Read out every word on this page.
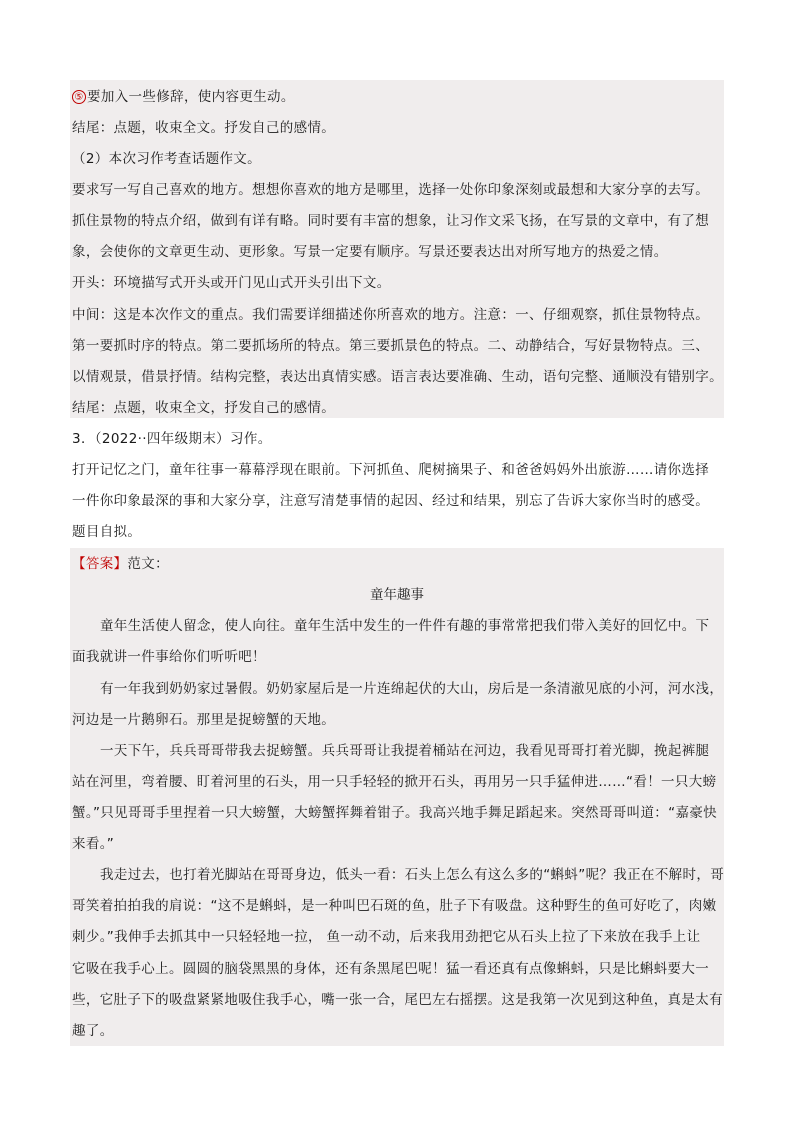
⑤ 要加入一些修辞，使内容更生动。
结尾：点题，收束全文。抒发自己的感情。
（2）本次习作考查话题作文。
要求写一写自己喜欢的地方。想想你喜欢的地方是哪里，选择一处你印象深刻或最想和大家分享的去写。
抓住景物的特点介绍，做到有详有略。同时要有丰富的想象，让习作文采飞扬，在写景的文章中，有了想
象，会使你的文章更生动、更形象。写景一定要有顺序。写景还要表达出对所写地方的热爱之情。
开头：环境描写式开头或开门见山式开头引出下文。
中间：这是本次作文的重点。我们需要详细描述你所喜欢的地方。注意：一、仔细观察，抓住景物特点。
第一要抓时序的特点。第二要抓场所的特点。第三要抓景色的特点。二、动静结合，写好景物特点。三、
以情观景，借景抒情。结构完整，表达出真情实感。语言表达要准确、生动，语句完整、通顺没有错别字。
结尾：点题，收束全文，抒发自己的感情。
3．（2022··四年级期末）习作。
打开记忆之门，童年往事一幕幕浮现在眼前。下河抓鱼、爬树摘果子、和爸爸妈妈外出旅游……请你选择
一件你印象最深的事和大家分享，注意写清楚事情的起因、经过和结果，别忘了告诉大家你当时的感受。
题目自拟。
【答案】范文：
童年趣事
童年生活使人留念，使人向往。童年生活中发生的一件件有趣的事常常把我们带入美好的回忆中。下
面我就讲一件事给你们听听吧！
有一年我到奶奶家过暑假。奶奶家屋后是一片连绵起伏的大山，房后是一条清澈见底的小河，河水浅，
河边是一片鹅卵石。那里是捉螃蟹的天地。
一天下午，兵兵哥哥带我去捉螃蟹。兵兵哥哥让我提着桶站在河边，我看见哥哥打着光脚，挽起裤腿
站在河里，弯着腰、盯着河里的石头，用一只手轻轻的掀开石头，再用另一只手猛伸进……“看！一只大螃
蟹。”只见哥哥手里捏着一只大螃蟹，大螃蟹挥舞着钳子。我高兴地手舞足蹈起来。突然哥哥叫道：“嘉豪快
来看。”
我走过去，也打着光脚站在哥哥身边，低头一看：石头上怎么有这么多的“蝌蚪”呢？我正在不解时，哥
哥笑着拍拍我的肩说：“这不是蝌蚪，是一种叫巴石斑的鱼，肚子下有吸盘。这种野生的鱼可好吃了，肉嫩
刺少。”我伸手去抓其中一只轻轻地一拉， 鱼一动不动，后来我用劲把它从石头上拉了下来放在我手上让
它吸在我手心上。圆圆的脑袋黑黑的身体，还有条黑尾巴呢！猛一看还真有点像蝌蚪，只是比蝌蚪要大一
些，它肚子下的吸盘紧紧地吸住我手心，嘴一张一合，尾巴左右摇摆。这是我第一次见到这种鱼，真是太有
趣了。
